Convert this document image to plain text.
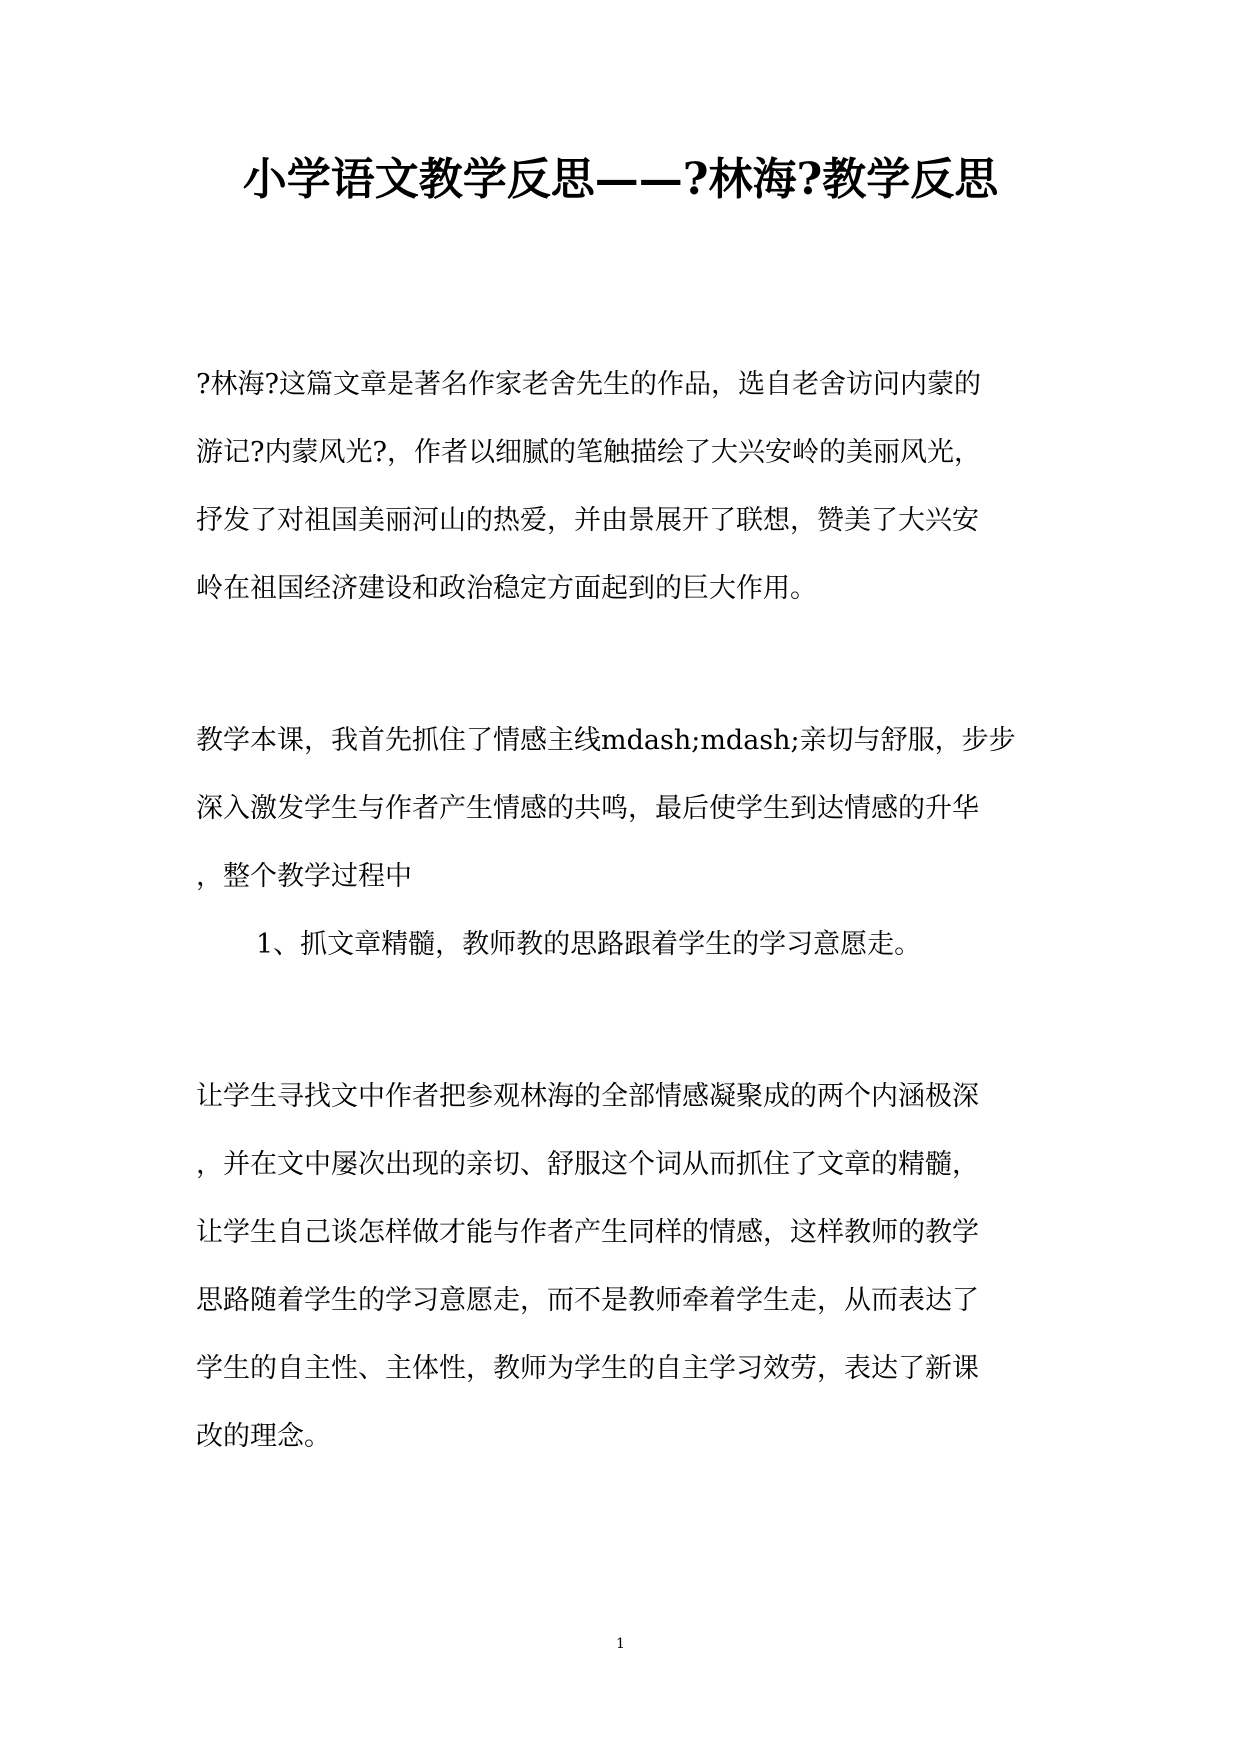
小学语文教学反思——?林海?教学反思
?林海?这篇文章是著名作家老舍先生的作品，选自老舍访问内蒙的
游记?内蒙风光?，作者以细腻的笔触描绘了大兴安岭的美丽风光，
抒发了对祖国美丽河山的热爱，并由景展开了联想，赞美了大兴安
岭在祖国经济建设和政治稳定方面起到的巨大作用。
教学本课，我首先抓住了情感主线mdash;mdash;亲切与舒服，步步
深入激发学生与作者产生情感的共鸣，最后使学生到达情感的升华
，整个教学过程中
1、抓文章精髓，教师教的思路跟着学生的学习意愿走。
让学生寻找文中作者把参观林海的全部情感凝聚成的两个内涵极深
，并在文中屡次出现的亲切、舒服这个词从而抓住了文章的精髓，
让学生自己谈怎样做才能与作者产生同样的情感，这样教师的教学
思路随着学生的学习意愿走，而不是教师牵着学生走，从而表达了
学生的自主性、主体性，教师为学生的自主学习效劳，表达了新课
改的理念。
1
